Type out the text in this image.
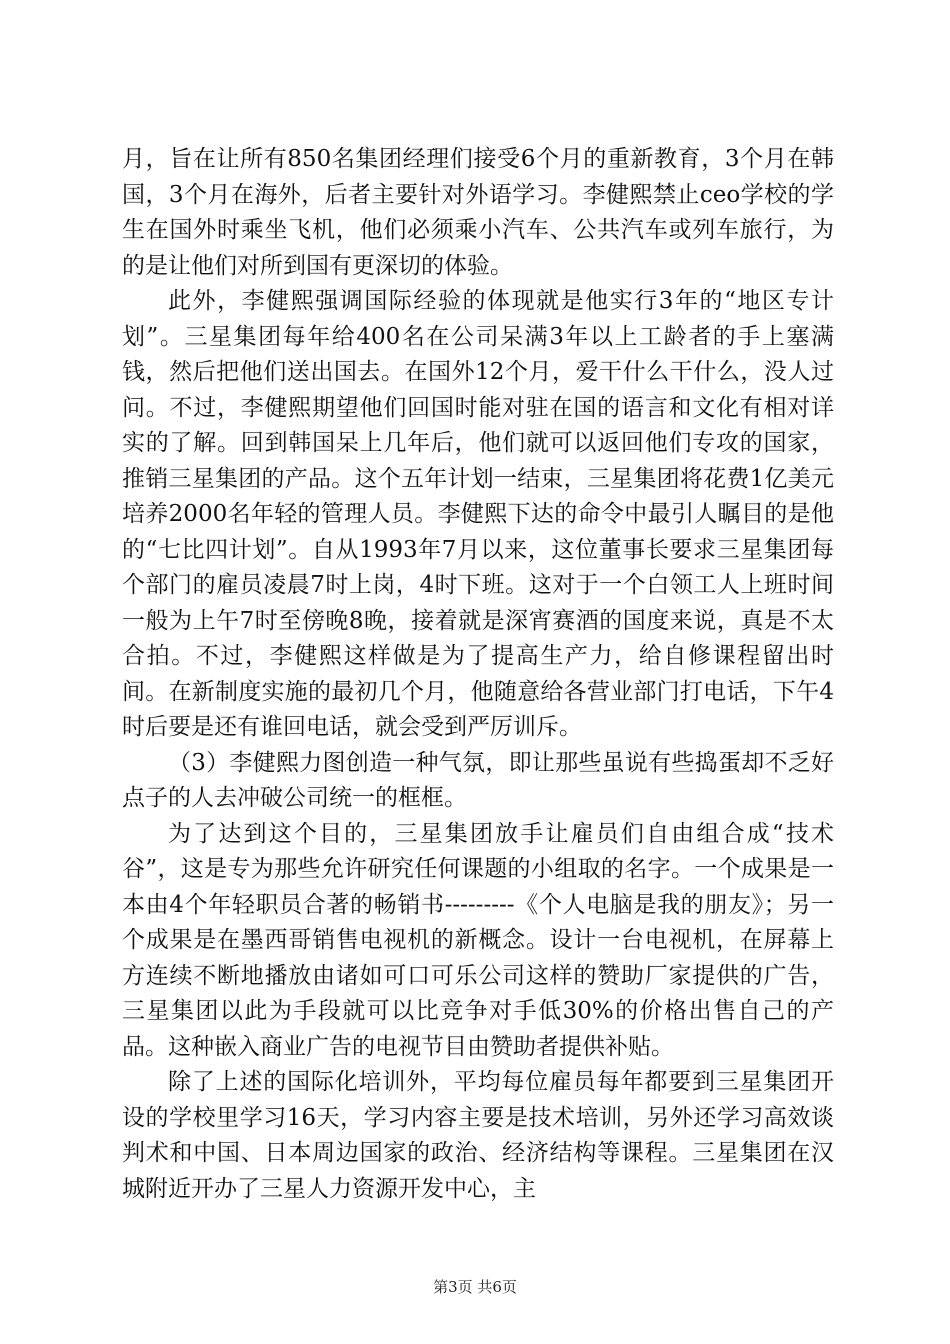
月，旨在让所有850名集团经理们接受6个月的重新教育，3个月在韩国，3个月在海外，后者主要针对外语学习。李健熙禁止ceo学校的学生在国外时乘坐飞机，他们必须乘小汽车、公共汽车或列车旅行，为的是让他们对所到国有更深切的体验。

此外，李健熙强调国际经验的体现就是他实行3年的“地区专计划”。三星集团每年给400名在公司呆满3年以上工龄者的手上塞满钱，然后把他们送出国去。在国外12个月，爱干什么干什么，没人过问。不过，李健熙期望他们回国时能对驻在国的语言和文化有相对详实的了解。回到韩国呆上几年后，他们就可以返回他们专攻的国家，推销三星集团的产品。这个五年计划一结束，三星集团将花费1亿美元培养2000名年轻的管理人员。李健熙下达的命令中最引人瞩目的是他的“七比四计划”。自从1993年7月以来，这位董事长要求三星集团每个部门的雇员凌晨7时上岗，4时下班。这对于一个白领工人上班时间一般为上午7时至傍晚8晚，接着就是深宵赛酒的国度来说，真是不太合拍。不过，李健熙这样做是为了提高生产力，给自修课程留出时间。在新制度实施的最初几个月，他随意给各营业部门打电话，下午4时后要是还有谁回电话，就会受到严厉训斥。

（3）李健熙力图创造一种气氛，即让那些虽说有些捣蛋却不乏好点子的人去冲破公司统一的框框。

为了达到这个目的，三星集团放手让雇员们自由组合成“技术谷”，这是专为那些允许研究任何课题的小组取的名字。一个成果是一本由4个年轻职员合著的畅销书---------《个人电脑是我的朋友》；另一个成果是在墨西哥销售电视机的新概念。设计一台电视机，在屏幕上方连续不断地播放由诸如可口可乐公司这样的赞助厂家提供的广告，三星集团以此为手段就可以比竞争对手低30%的价格出售自己的产品。这种嵌入商业广告的电视节目由赞助者提供补贴。

除了上述的国际化培训外，平均每位雇员每年都要到三星集团开设的学校里学习16天，学习内容主要是技术培训，另外还学习高效谈判术和中国、日本周边国家的政治、经济结构等课程。三星集团在汉城附近开办了三星人力资源开发中心，主

第3页 共6页
